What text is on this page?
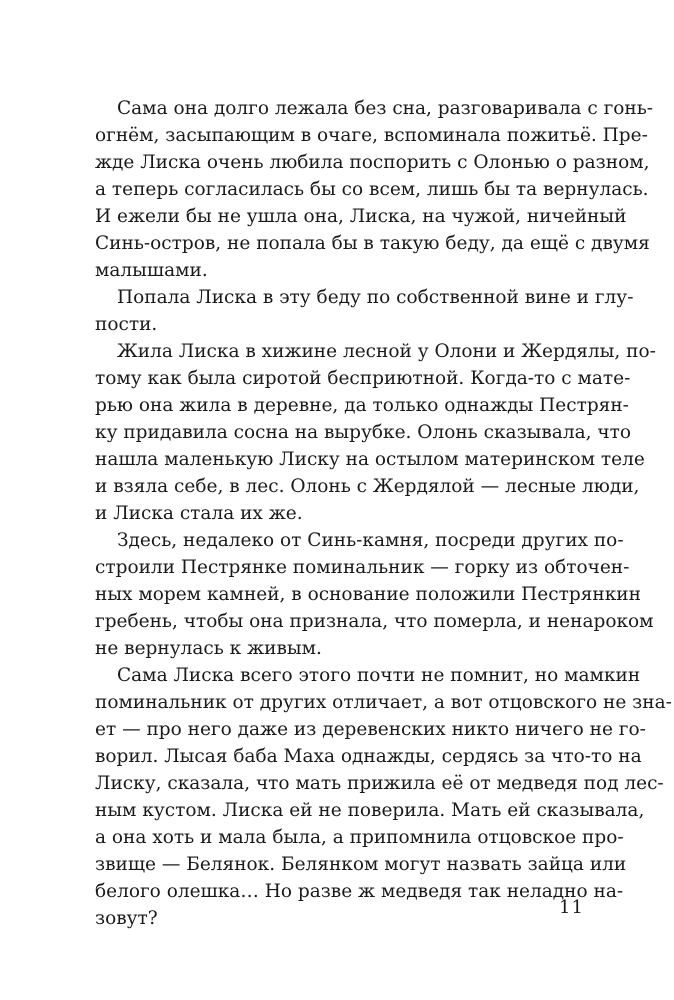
Сама она долго лежала без сна, разговаривала с гонь-
огнём, засыпающим в очаге, вспоминала пожитьё. Пре-
жде Лиска очень любила поспорить с Олонью о разном,
а теперь согласилась бы со всем, лишь бы та вернулась.
И ежели бы не ушла она, Лиска, на чужой, ничейный
Синь-остров, не попала бы в такую беду, да ещё с двумя
малышами.
Попала Лиска в эту беду по собственной вине и глу-
пости.
Жила Лиска в хижине лесной у Олони и Жердялы, по-
тому как была сиротой бесприютной. Когда-то с мате-
рью она жила в деревне, да только однажды Пестрян-
ку придавила сосна на вырубке. Олонь сказывала, что
нашла маленькую Лиску на остылом материнском теле
и взяла себе, в лес. Олонь с Жердялой — лесные люди,
и Лиска стала их же.
Здесь, недалеко от Синь-камня, посреди других по-
строили Пестрянке поминальник — горку из обточен-
ных морем камней, в основание положили Пестрянкин
гребень, чтобы она признала, что померла, и ненароком
не вернулась к живым.
Сама Лиска всего этого почти не помнит, но мамкин
поминальник от других отличает, а вот отцовского не зна-
ет — про него даже из деревенских никто ничего не го-
ворил. Лысая баба Маха однажды, сердясь за что-то на
Лиску, сказала, что мать прижила её от медведя под лес-
ным кустом. Лиска ей не поверила. Мать ей сказывала,
а она хоть и мала была, а припомнила отцовское про-
звище — Белянок. Белянком могут назвать зайца или
белого олешка… Но разве ж медведя так неладно на-
зовут?
11
